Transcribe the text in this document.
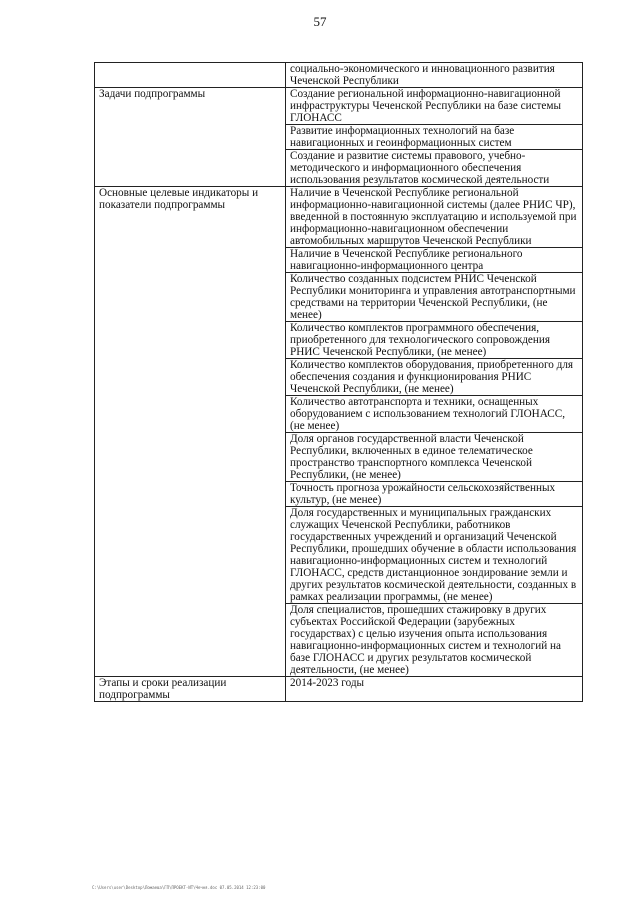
57
	социально-экономического и инновационного развития Чеченской Республики
Задачи подпрограммы	Создание региональной информационно-навигационной инфраструктуры Чеченской Республики на базе системы ГЛОНАСС
	Развитие информационных технологий на базе навигационных и геоинформационных систем
	Создание и развитие системы правового, учебно-методического и информационного обеспечения использования результатов космической деятельности
Основные целевые индикаторы и показатели подпрограммы	Наличие в Чеченской Республике региональной информационно-навигационной системы (далее РНИС ЧР), введенной в постоянную эксплуатацию и используемой при информационно-навигационном обеспечении автомобильных маршрутов Чеченской Республики
	Наличие в Чеченской Республике регионального навигационно-информационного центра
	Количество созданных подсистем РНИС Чеченской Республики мониторинга и управления автотранспортными средствами на территории Чеченской Республики, (не менее)
	Количество комплектов программного обеспечения, приобретенного для технологического сопровождения РНИС Чеченской Республики, (не менее)
	Количество комплектов оборудования, приобретенного для обеспечения создания и функционирования РНИС Чеченской Республики, (не менее)
	Количество автотранспорта и техники, оснащенных оборудованием с использованием технологий ГЛОНАСС, (не менее)
	Доля органов государственной власти Чеченской Республики, включенных в единое телематическое пространство транспортного комплекса Чеченской Республики, (не менее)
	Точность прогноза урожайности сельскохозяйственных культур, (не менее)
	Доля государственных и муниципальных гражданских служащих Чеченской Республики, работников государственных учреждений и организаций Чеченской Республики, прошедших обучение в области использования навигационно-информационных систем и технологий ГЛОНАСС, средств дистанционное зондирование земли и других результатов космической деятельности, созданных в рамках реализации программы, (не менее)
	Доля специалистов, прошедших стажировку в других субъектах Российской Федерации (зарубежных государствах) с целью изучения опыта использования навигационно-информационных систем и технологий на базе ГЛОНАСС и других результатов космической деятельности, (не менее)
Этапы и сроки реализации подпрограммы	2014-2023 годы
C:\Users\user\Desktop\Ломаева\ГП\ПРОЕКТ-ИТ\Чечня.doc 07.05.2014 12:23:00
